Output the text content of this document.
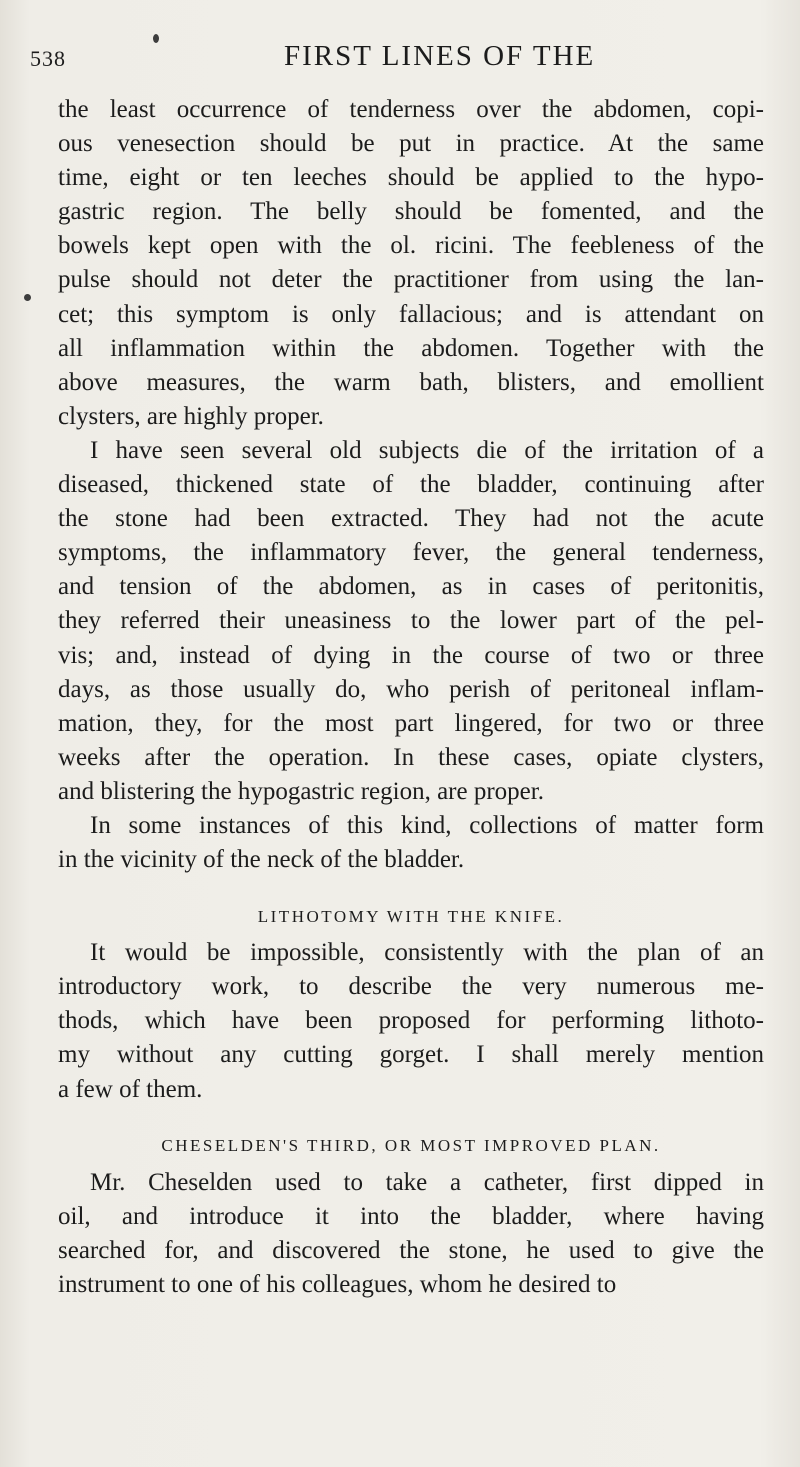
538	FIRST LINES OF THE

the least occurrence of tenderness over the abdomen, copi-
ous venesection should be put in practice. At the same
time, eight or ten leeches should be applied to the hypo-
gastric region. The belly should be fomented, and the
bowels kept open with the ol. ricini. The feebleness of the
pulse should not deter the practitioner from using the lan-
cet; this symptom is only fallacious; and is attendant on
all inflammation within the abdomen. Together with the
above measures, the warm bath, blisters, and emollient
clysters, are highly proper.

I have seen several old subjects die of the irritation of a
diseased, thickened state of the bladder, continuing after
the stone had been extracted. They had not the acute
symptoms, the inflammatory fever, the general tenderness,
and tension of the abdomen, as in cases of peritonitis,
they referred their uneasiness to the lower part of the pel-
vis; and, instead of dying in the course of two or three
days, as those usually do, who perish of peritoneal inflam-
mation, they, for the most part lingered, for two or three
weeks after the operation. In these cases, opiate clysters,
and blistering the hypogastric region, are proper.

In some instances of this kind, collections of matter form
in the vicinity of the neck of the bladder.

LITHOTOMY WITH THE KNIFE.

It would be impossible, consistently with the plan of an
introductory work, to describe the very numerous me-
thods, which have been proposed for performing lithoto-
my without any cutting gorget. I shall merely mention
a few of them.

CHESELDEN'S THIRD, OR MOST IMPROVED PLAN.

Mr. Cheselden used to take a catheter, first dipped in
oil, and introduce it into the bladder, where having
searched for, and discovered the stone, he used to give the
instrument to one of his colleagues, whom he desired to
